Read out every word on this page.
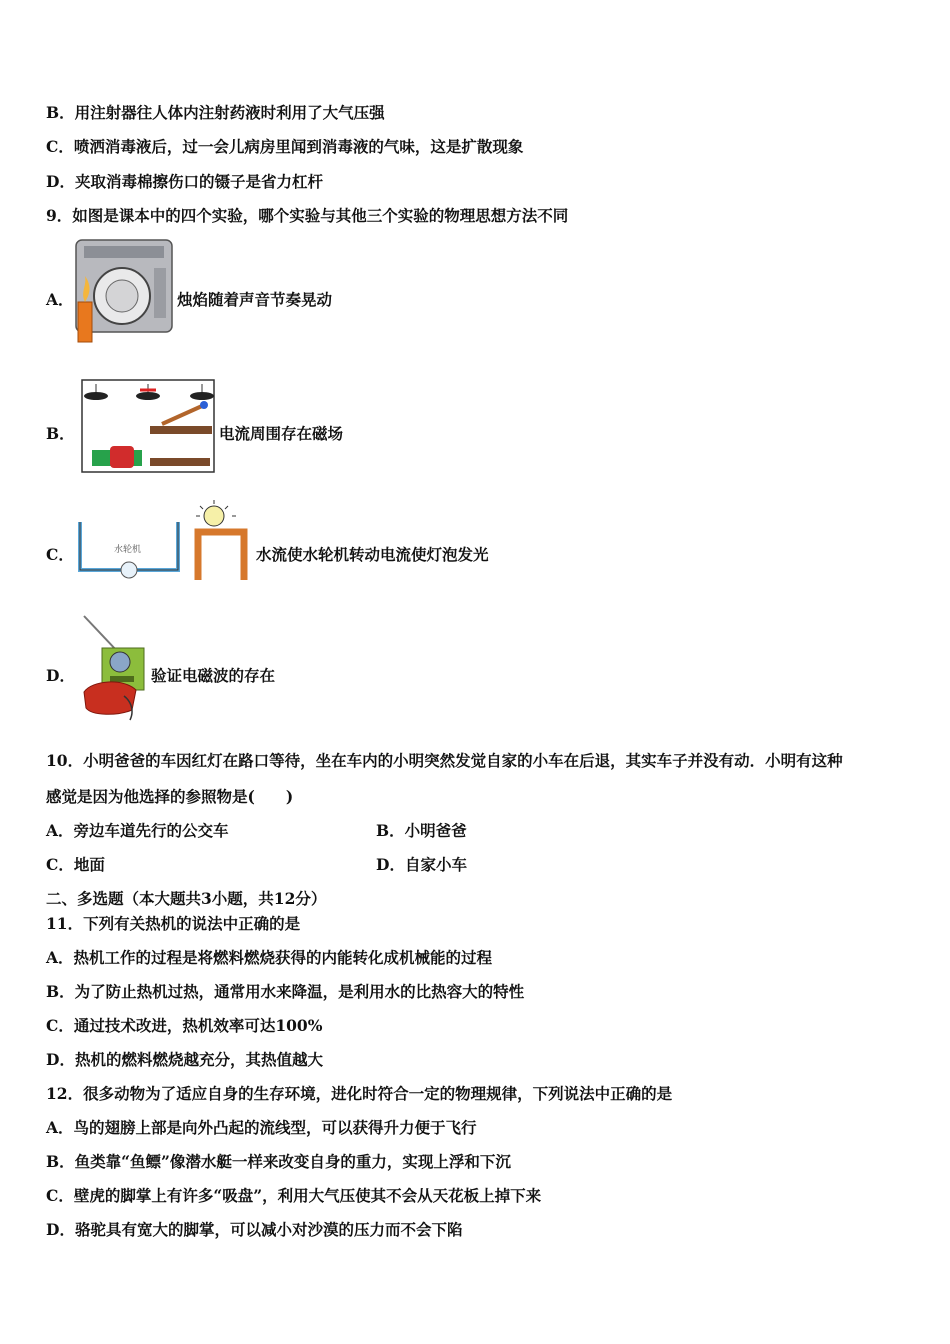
B．用注射器往人体内注射药液时利用了大气压强
C．喷洒消毒液后，过一会儿病房里闻到消毒液的气味，这是扩散现象
D．夹取消毒棉擦伤口的镊子是省力杠杆
9．如图是课本中的四个实验，哪个实验与其他三个实验的物理思想方法不同
A．	烛焰随着声音节奏晃动
B．	电流周围存在磁场
C．	水轮机	水流使水轮机转动电流使灯泡发光
D．	验证电磁波的存在
10．小明爸爸的车因红灯在路口等待，坐在车内的小明突然发觉自家的小车在后退，其实车子并没有动．小明有这种
感觉是因为他选择的参照物是(　　)
A．旁边车道先行的公交车	B．小明爸爸
C．地面	D．自家小车
二、多选题（本大题共3小题，共12分）
11．下列有关热机的说法中正确的是
A．热机工作的过程是将燃料燃烧获得的内能转化成机械能的过程
B．为了防止热机过热，通常用水来降温，是利用水的比热容大的特性
C．通过技术改进，热机效率可达100%
D．热机的燃料燃烧越充分，其热值越大
12．很多动物为了适应自身的生存环境，进化时符合一定的物理规律，下列说法中正确的是
A．鸟的翅膀上部是向外凸起的流线型，可以获得升力便于飞行
B．鱼类靠“鱼鳔”像潜水艇一样来改变自身的重力，实现上浮和下沉
C．壁虎的脚掌上有许多“吸盘”，利用大气压使其不会从天花板上掉下来
D．骆驼具有宽大的脚掌，可以减小对沙漠的压力而不会下陷
